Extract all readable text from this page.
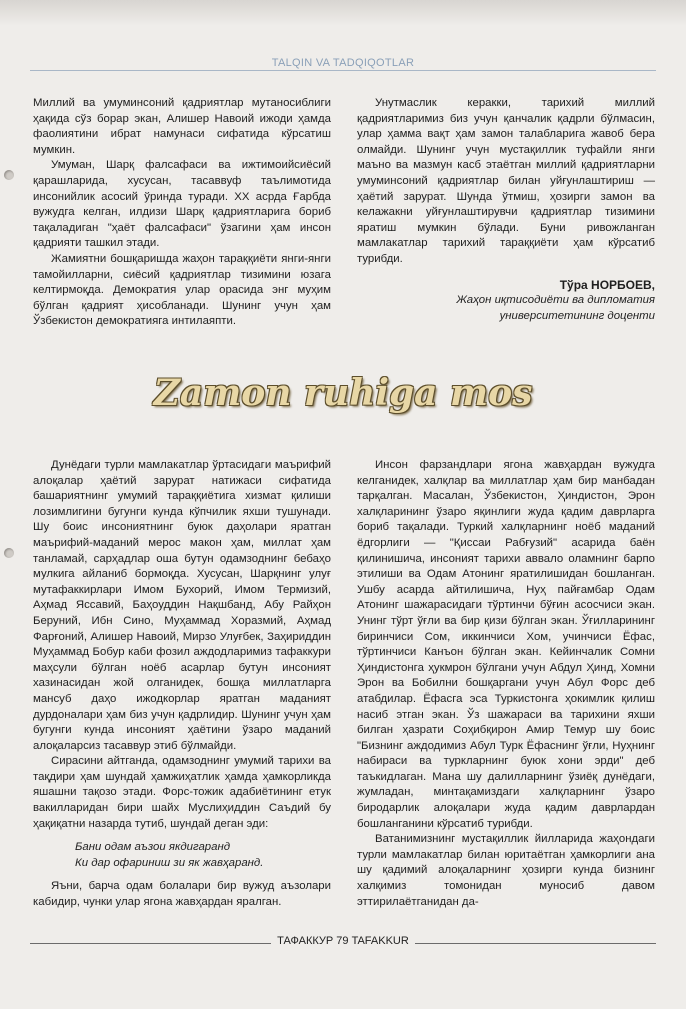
TALQIN VA TADQIQOTLAR

Миллий ва умуминсоний қадриятлар мутаносиблиги ҳақида сўз борар экан, Алишер Навоий ижоди ҳамда фаолиятини ибрат намунаси сифатида кўрсатиш мумкин.

Умуман, Шарқ фалсафаси ва ижтимоийсиёсий қарашларида, хусусан, тасаввуф таълимотида инсонийлик асосий ўринда туради. XX асрда Ғарбда вужудга келган, илдизи Шарқ қадриятларига бориб тақаладиган "ҳаёт фалсафаси" ўзагини ҳам инсон қадрияти ташкил этади.

Жамиятни бошқаришда жаҳон тараққиёти янги-янги тамойилларни, сиёсий қадриятлар тизимини юзага келтирмоқда. Демократия улар орасида энг муҳим бўлган қадрият ҳисобланади. Шунинг учун ҳам Ўзбекистон демократияга интилаяпти.

Унутмаслик керакки, тарихий миллий қадриятларимиз биз учун қанчалик қадрли бўлмасин, улар ҳамма вақт ҳам замон талабларига жавоб бера олмайди. Шунинг учун мустақиллик туфайли янги маъно ва мазмун касб этаётган миллий қадриятларни умуминсоний қадриятлар билан уйғунлаштириш — ҳаётий зарурат. Шунда ўтмиш, ҳозирги замон ва келажакни уйғунлаштирувчи қадриятлар тизимини яратиш мумкин бўлади. Буни ривожланган мамлакатлар тарихий тараққиёти ҳам кўрсатиб турибди.

Тўра НОРБОЕВ,
Жаҳон иқтисодиёти ва дипломатия
университетининг доценти
Zamon ruhiga mos

Дунёдаги турли мамлакатлар ўртасидаги маърифий алоқалар ҳаётий зарурат натижаси сифатида башариятнинг умумий тараққиётига хизмат қилиши лозимлигини бугунги кунда кўпчилик яхши тушунади. Шу боис инсониятнинг буюк даҳолари яратган маърифий-маданий мерос макон ҳам, миллат ҳам танламай, сарҳадлар оша бутун одамзоднинг бебаҳо мулкига айланиб бормоқда. Хусусан, Шарқнинг улуғ мутафаккирлари Имом Бухорий, Имом Термизий, Аҳмад Яссавий, Баҳоуддин Нақшбанд, Абу Райҳон Беруний, Ибн Сино, Муҳаммад Хоразмий, Аҳмад Фарғоний, Алишер Навоий, Мирзо Улуғбек, Заҳириддин Муҳаммад Бобур каби фозил аждодларимиз тафаккури маҳсули бўлган ноёб асарлар бутун инсоният хазинасидан жой олганидек, бошқа миллатларга мансуб даҳо ижодкорлар яратган маданият дурдоналари ҳам биз учун қадрлидир. Шунинг учун ҳам бугунги кунда инсоният ҳаётини ўзаро маданий алоқаларсиз тасаввур этиб бўлмайди.

Сирасини айтганда, одамзоднинг умумий тарихи ва тақдири ҳам шундай ҳамжиҳатлик ҳамда ҳамкорликда яшашни тақозо этади. Форс-тожик адабиётининг етук вакилларидан бири шайх Муслиҳиддин Саъдий бу ҳақиқатни назарда тутиб, шундай деган эди:

Бани одам аъзои якдигаранд
Ки дар офариниш зи як жавҳаранд.

Яъни, барча одам болалари бир вужуд аъзолари кабидир, чунки улар ягона жавҳардан яралган.

Инсон фарзандлари ягона жавҳардан вужудга келганидек, халқлар ва миллатлар ҳам бир манбадан тарқалган. Масалан, Ўзбекистон, Ҳиндистон, Эрон халқларининг ўзаро яқинлиги жуда қадим даврларга бориб тақалади. Туркий халқларнинг ноёб маданий ёдгорлиги — "Қиссаи Рабғузий" асарида баён қилинишича, инсоният тарихи аввало оламнинг барпо этилиши ва Одам Атонинг яратилишидан бошланган. Ушбу асарда айтилишича, Нуҳ пайғамбар Одам Атонинг шажарасидаги тўртинчи бўғин асосчиси экан. Унинг тўрт ўғли ва бир қизи бўлган экан. Ўғилларининг биринчиси Сом, иккинчиси Хом, учинчиси Ёфас, тўртинчиси Канъон бўлган экан. Кейинчалик Сомни Ҳиндистонга ҳукмрон бўлгани учун Абдул Ҳинд, Хомни Эрон ва Бобилни бошқаргани учун Абул Форс деб атабдилар. Ёфасга эса Туркистонга ҳокимлик қилиш насиб этган экан. Ўз шажараси ва тарихини яхши билган ҳазрати Соҳибқирон Амир Темур шу боис "Бизнинг аждодимиз Абул Турк Ёфаснинг ўғли, Нуҳнинг набираси ва туркларнинг буюк хони эрди" деб таъкидлаган. Мана шу далилларнинг ўзиёқ дунёдаги, жумладан, минтақамиздаги халқларнинг ўзаро биродарлик алоқалари жуда қадим даврлардан бошланганини кўрсатиб турибди.

Ватанимизнинг мустақиллик йилларида жаҳондаги турли мамлакатлар билан юритаётган ҳамкорлиги ана шу қадимий алоқаларнинг ҳозирги кунда бизнинг халқимиз томонидан муносиб давом эттирилаётганидан да-

ТАФАККУР 79 TAFAKKUR
